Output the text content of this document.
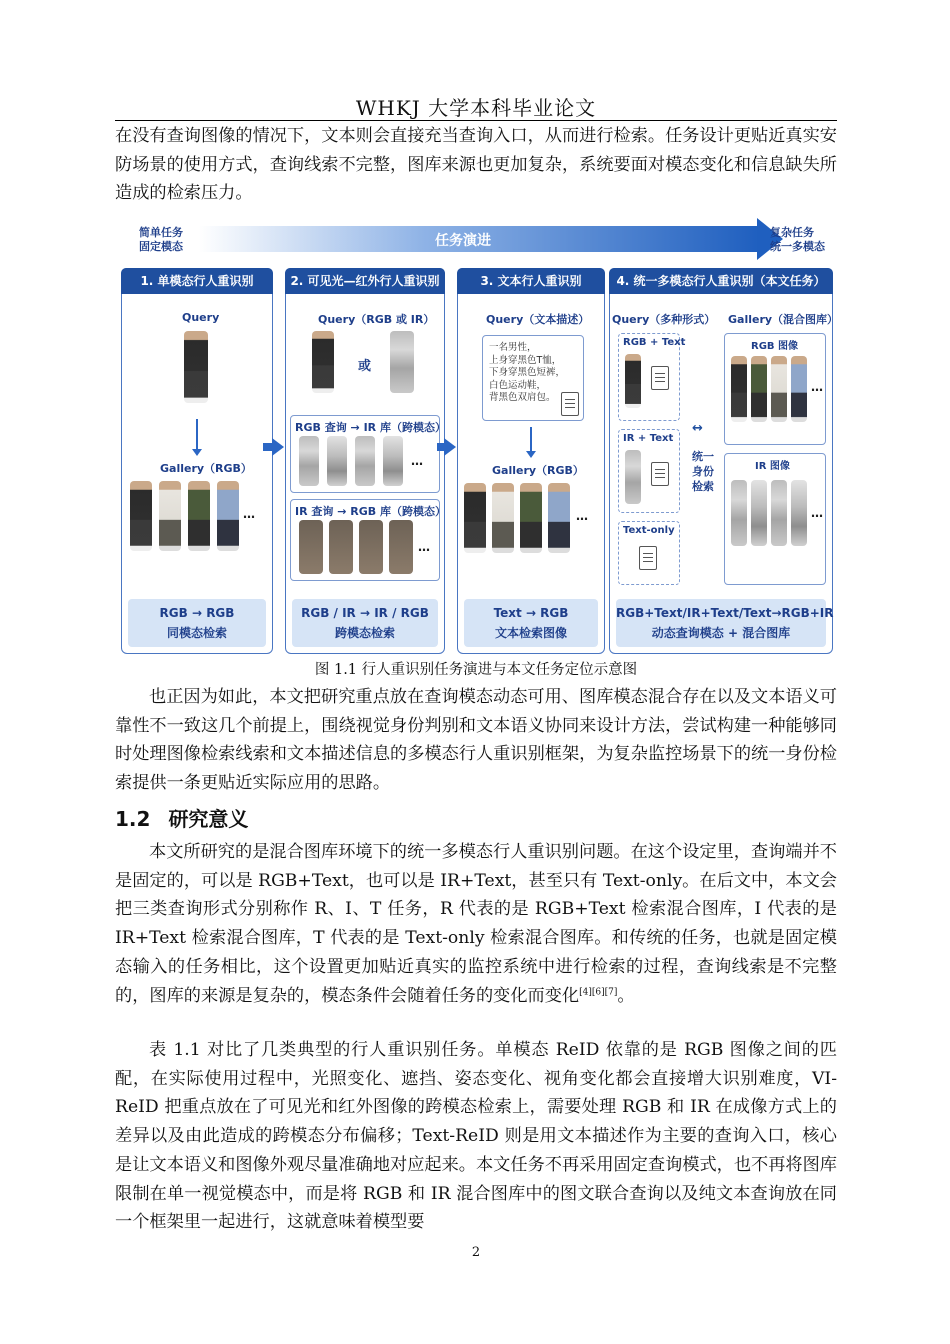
WHKJ 大学本科毕业论文

在没有查询图像的情况下，文本则会直接充当查询入口，从而进行检索。任务设计更贴近真实安防场景的使用方式，查询线索不完整，图库来源也更加复杂，系统要面对模态变化和信息缺失所造成的检索压力。

简单任务
固定模态	任务演进
复杂任务
统一多模态
1. 单模态行人重识别
Query
Gallery（RGB）
…
RGB → RGB
同模态检索
2. 可见光—红外行人重识别
Query（RGB 或 IR）
或
RGB 查询 → IR 库（跨模态）
…
IR 查询 → RGB 库（跨模态）
…
RGB / IR → IR / RGB
跨模态检索
3. 文本行人重识别
Query（文本描述）
一名男性，
上身穿黑色T恤，
下身穿黑色短裤，
白色运动鞋，
背黑色双肩包。
Gallery（RGB）
…
Text → RGB
文本检索图像
4. 统一多模态行人重识别（本文任务）
Query（多种形式） Gallery（混合图库）
RGB + Text
IR + Text
Text-only
↔
统一
身份
检索
RGB 图像
…
IR 图像
…
RGB+Text/IR+Text/Text→RGB+IR
动态查询模态 + 混合图库
图 1.1 行人重识别任务演进与本文任务定位示意图

也正因为如此，本文把研究重点放在查询模态动态可用、图库模态混合存在以及文本语义可靠性不一致这几个前提上，围绕视觉身份判别和文本语义协同来设计方法，尝试构建一种能够同时处理图像检索线索和文本描述信息的多模态行人重识别框架，为复杂监控场景下的统一身份检索提供一条更贴近实际应用的思路。

1.2 研究意义

本文所研究的是混合图库环境下的统一多模态行人重识别问题。在这个设定里，查询端并不是固定的，可以是 RGB+Text，也可以是 IR+Text，甚至只有 Text-only。在后文中，本文会把三类查询形式分别称作 R、I、T 任务，R 代表的是 RGB+Text 检索混合图库，I 代表的是 IR+Text 检索混合图库，T 代表的是 Text-only 检索混合图库。和传统的任务，也就是固定模态输入的任务相比，这个设置更加贴近真实的监控系统中进行检索的过程，查询线索是不完整的，图库的来源是复杂的，模态条件会随着任务的变化而变化[4][6][7]。

表 1.1 对比了几类典型的行人重识别任务。单模态 ReID 依靠的是 RGB 图像之间的匹配，在实际使用过程中，光照变化、遮挡、姿态变化、视角变化都会直接增大识别难度，VI-ReID 把重点放在了可见光和红外图像的跨模态检索上，需要处理 RGB 和 IR 在成像方式上的差异以及由此造成的跨模态分布偏移；Text-ReID 则是用文本描述作为主要的查询入口，核心是让文本语义和图像外观尽量准确地对应起来。本文任务不再采用固定查询模式，也不再将图库限制在单一视觉模态中，而是将 RGB 和 IR 混合图库中的图文联合查询以及纯文本查询放在同一个框架里一起进行，这就意味着模型要

2
